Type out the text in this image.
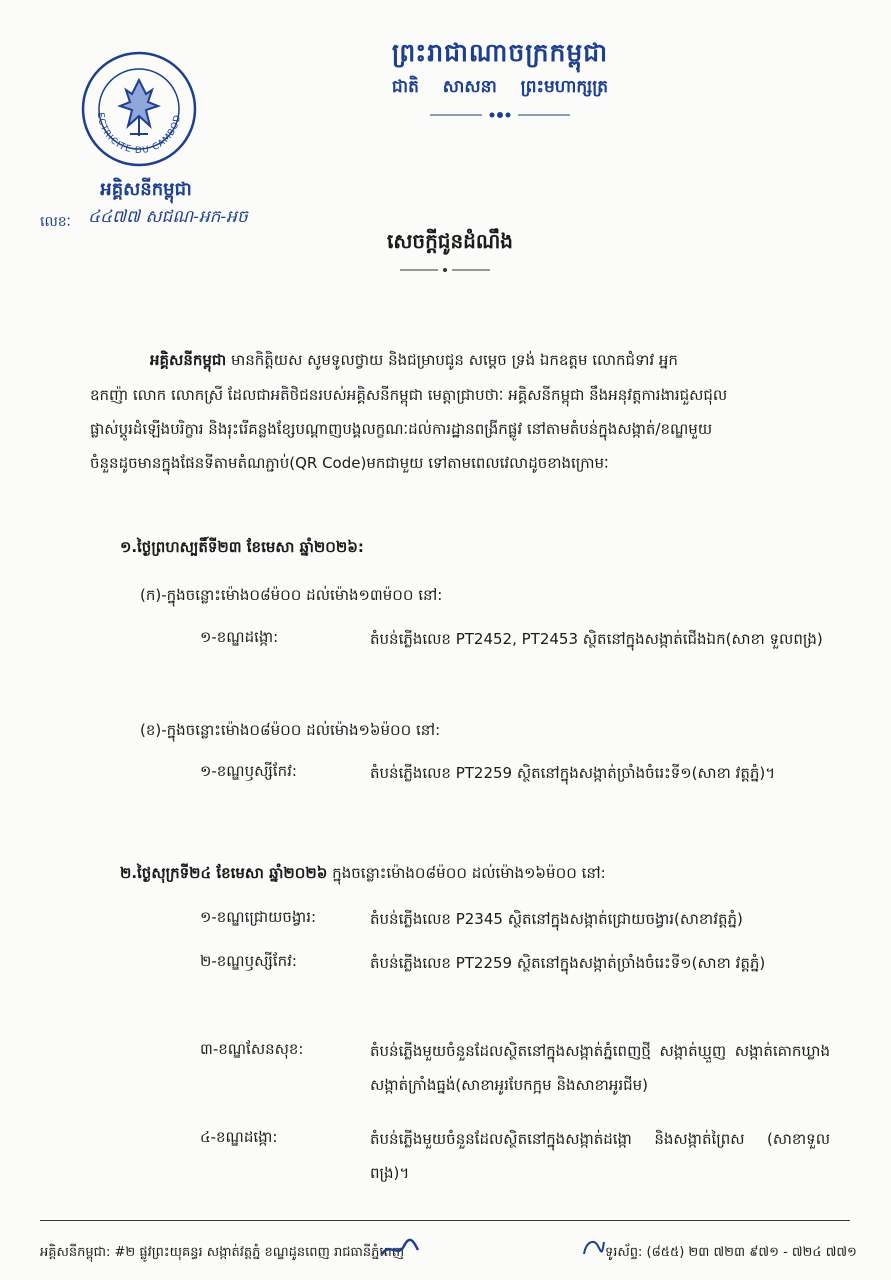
ECTRICITE DU CAMBOD
ព្រះរាជាណាចក្រកម្ពុជា
ជាតិ សាសនា ព្រះមហាក្សត្រ
អគ្គិសនីកម្ពុជា
លេខៈ ៤៤៧៧ សជណ-អក-អច
សេចក្តីជូនដំណឹង
អគ្គិសនីកម្ពុជា មានកិត្តិយស សូមទូលថ្វាយ និងជម្រាបជូន សម្តេច ទ្រង់ ឯកឧត្តម លោកជំទាវ អ្នក
ឧកញ៉ា លោក លោកស្រី ដែលជាអតិថិជនរបស់អគ្គិសនីកម្ពុជា មេត្តាជ្រាបថាៈ អគ្គិសនីកម្ពុជា នឹងអនុវត្តការងារជួសជុល
ផ្លាស់ប្តូរដំឡើងបរិក្ខារ និងរុះរើគន្លងខ្សែបណ្តាញបង្គលក្ខណៈដល់ការដ្ឋានពង្រីកផ្លូវ នៅតាមតំបន់ក្នុងសង្កាត់/ខណ្ឌមួយ
ចំនួនដូចមានក្នុងផែនទីតាមតំណភ្ជាប់(QR Code)មកជាមួយ ទៅតាមពេលវេលាដូចខាងក្រោមៈ
១.ថ្ងៃព្រហស្បតិ៍ទី២៣ ខែមេសា ឆ្នាំ២០២៦:
(ក)-ក្នុងចន្លោះម៉ោង០៨ម៉០០ ដល់ម៉ោង១៣ម៉០០ នៅ:
១-ខណ្ឌដង្កោ:	តំបន់ភ្លើងលេខ PT2452, PT2453 ស្ថិតនៅក្នុងសង្កាត់ជើងឯក(សាខា ទួលពង្រ)
(ខ)-ក្នុងចន្លោះម៉ោង០៨ម៉០០ ដល់ម៉ោង១៦ម៉០០ នៅ:
១-ខណ្ឌឫស្សីកែវ:	តំបន់ភ្លើងលេខ PT2259 ស្ថិតនៅក្នុងសង្កាត់ច្រាំងចំរេះទី១(សាខា វត្តភ្នំ)។
២.ថ្ងៃសុក្រទី២៤ ខែមេសា ឆ្នាំ២០២៦ ក្នុងចន្លោះម៉ោង០៨ម៉០០ ដល់ម៉ោង១៦ម៉០០ នៅ:
១-ខណ្ឌជ្រោយចង្វារ:	តំបន់ភ្លើងលេខ P2345 ស្ថិតនៅក្នុងសង្កាត់ជ្រោយចង្វារ(សាខាវត្តភ្នំ)
២-ខណ្ឌឫស្សីកែវ:	តំបន់ភ្លើងលេខ PT2259 ស្ថិតនៅក្នុងសង្កាត់ច្រាំងចំរេះទី១(សាខា វត្តភ្នំ)
៣-ខណ្ឌសែនសុខ:	តំបន់ភ្លើងមួយចំនួនដែលស្ថិតនៅក្នុងសង្កាត់ភ្នំពេញថ្មី សង្កាត់ឃ្មួញ សង្កាត់គោកឃ្លាង សង្កាត់ក្រាំងធ្នង់(សាខាអូរបែកក្អម និងសាខាអូរជីម)
៤-ខណ្ឌដង្កោ:	តំបន់ភ្លើងមួយចំនួនដែលស្ថិតនៅក្នុងសង្កាត់ដង្កោ និងសង្កាត់ព្រៃស (សាខាទួលពង្រ)។
អគ្គិសនីកម្ពុជា: #២ ផ្លូវព្រះយុគន្ធរ សង្កាត់វត្តភ្នំ ខណ្ឌដូនពេញ រាជធានីភ្នំពេញ	ទូរស័ព្ទ: (៨៥៥) ២៣ ៧២៣ ៩៧១ - ៧២៤ ៧៧១
